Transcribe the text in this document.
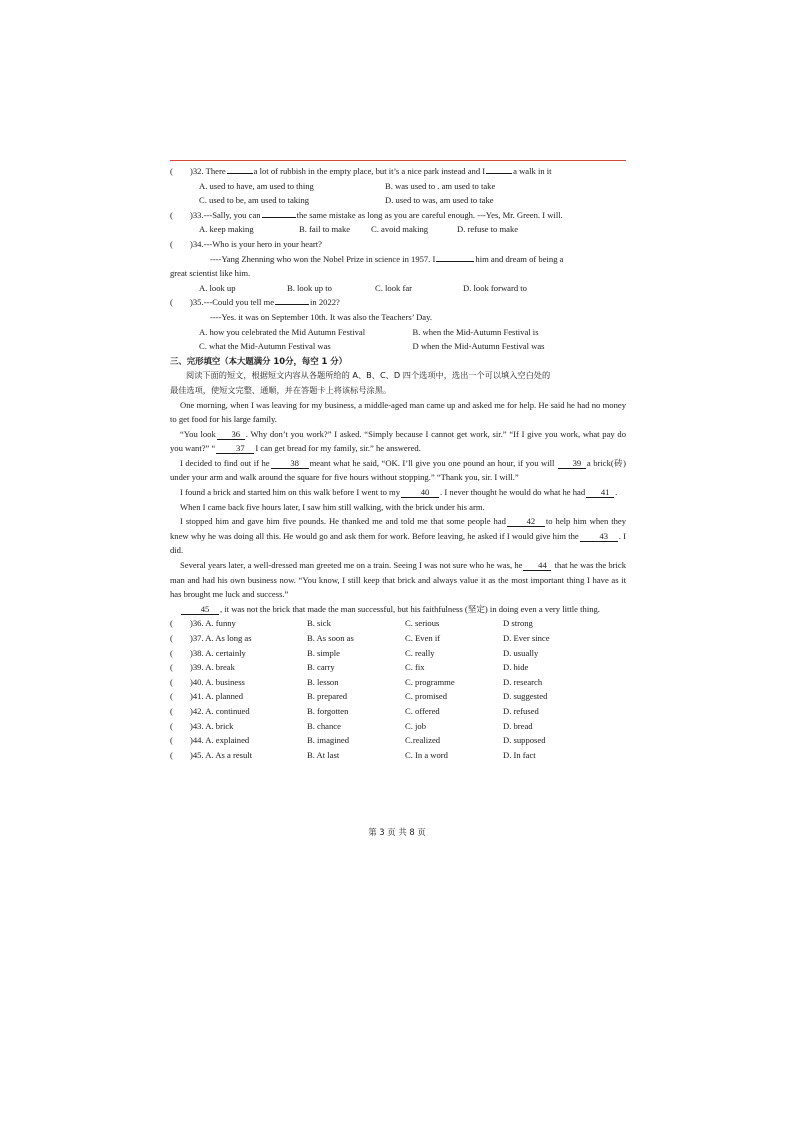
(	)32. There	a lot of rubbish in the empty place, but it’s a nice park instead and I	a walk in it
A. used to have, am used to thing	B. was used to . am used to take
C. used to be, am used to taking	D. used to was, am used to take
(	)33.---Sally, you can	the same mistake as long as you are careful enough. ---Yes, Mr. Green. I will.
A. keep making	B. fail to make	C. avoid making	D. refuse to make
(	)34.---Who is your hero in your heart?
----Yang Zhenning who won the Nobel Prize in science in 1957. I	him and dream of being a
great scientist like him.
A. look up	B. look up to	C. look far	D. look forward to
(	)35.---Could you tell me	in 2022?
----Yes. it was on September 10th. It was also the Teachers’ Day.
A. how you celebrated the Mid Autumn Festival	B. when the Mid-Autumn Festival is
C. what the Mid-Autumn Festival was	D when the Mid-Autumn Festival was
三、完形填空（本大题满分 10分，每空 1 分）
阅读下面的短文，根据短文内容从各题所给的 A、B、C、D 四个选项中，选出一个可以填入空白处的
最佳选项，使短文完整、通顺，并在答题卡上将该标号涂黑。
One morning, when I was leaving for my business, a middle-aged man came up and asked me for help. He said he had no money to get food for his large family.
“You look 36 . Why don’t you work?” I asked. “Simply because I cannot get work, sir.” “If I give you work, what pay do you want?” “ 37 I can get bread for my family, sir.” he answered.
I decided to find out if he 38 meant what he said, “OK. I’ll give you one pound an hour, if you will 39 a brick(砖) under your arm and walk around the square for five hours without stopping.” “Thank you, sir. I will.”
I found a brick and started him on this walk before I went to my 40 . I never thought he would do what he had 41 .
When I came back five hours later, I saw him still walking, with the brick under his arm.
I stopped him and gave him five pounds. He thanked me and told me that some people had 42 to help him when they knew why he was doing all this. He would go and ask them for work. Before leaving, he asked if I would give him the 43 . I did.
Several years later, a well-dressed man greeted me on a train. Seeing I was not sure who he was, he 44 that he was the brick man and had his own business now. “You know, I still keep that brick and always value it as the most important thing I have as it has brought me luck and success.”
45 , it was not the brick that made the man successful, but his faithfulness (坚定) in doing even a very little thing.
(	)36. A. funny	B. sick	C. serious	D strong
(	)37. A. As long as	B. As soon as	C. Even if	D. Ever since
(	)38. A. certainly	B. simple	C. really	D. usually
(	)39. A. break	B. carry	C. fix	D. hide
(	)40. A. business	B. lesson	C. programme	D. research
(	)41. A. planned	B. prepared	C. promised	D. suggested
(	)42. A. continued	B. forgotten	C. offered	D. refused
(	)43. A. brick	B. chance	C. job	D. bread
(	)44. A. explained	B. imagined	C.realized	D. supposed
(	)45. A. As a result	B. At last	C. In a word	D. In fact
第 3 页 共 8 页
